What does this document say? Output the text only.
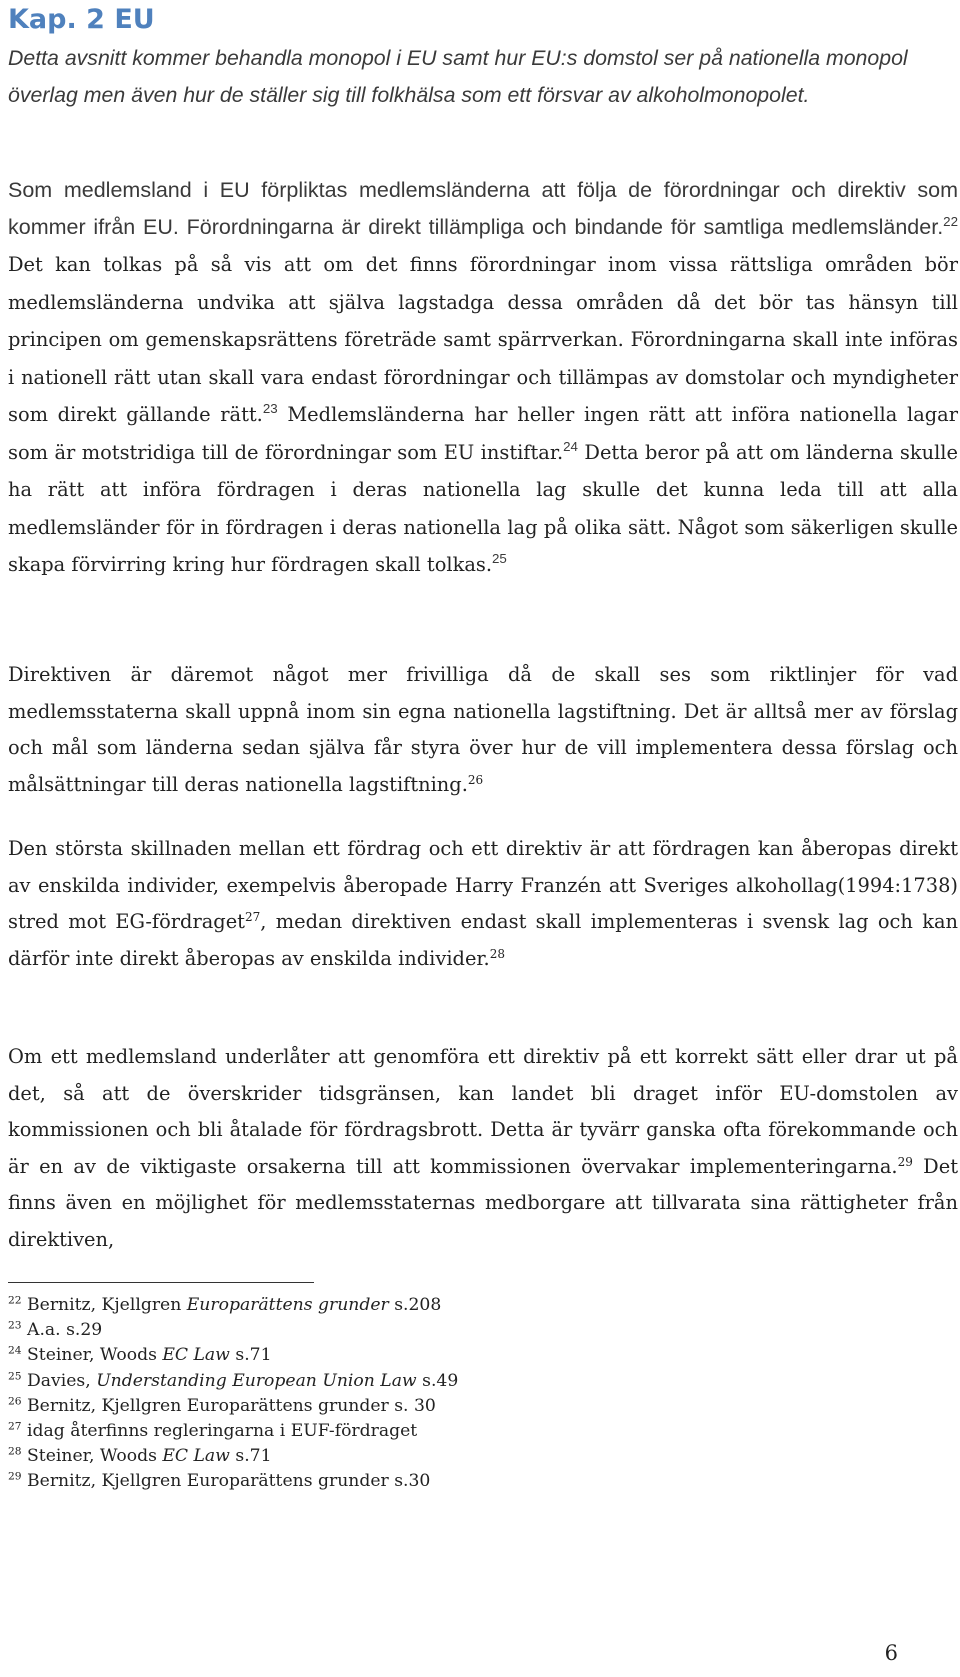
Kap. 2 EU

Detta avsnitt kommer behandla monopol i EU samt hur EU:s domstol ser på nationella monopol överlag men även hur de ställer sig till folkhälsa som ett försvar av alkoholmonopolet.

Som medlemsland i EU förpliktas medlemsländerna att följa de förordningar och direktiv som kommer ifrån EU. Förordningarna är direkt tillämpliga och bindande för samtliga medlemsländer.$^{22}$ Det kan tolkas på så vis att om det finns förordningar inom vissa rättsliga områden bör medlemsländerna undvika att själva lagstadga dessa områden då det bör tas hänsyn till principen om gemenskapsrättens företräde samt spärrverkan. Förordningarna skall inte införas i nationell rätt utan skall vara endast förordningar och tillämpas av domstolar och myndigheter som direkt gällande rätt.$^{23}$ Medlemsländerna har heller ingen rätt att införa nationella lagar som är motstridiga till de förordningar som EU instiftar.$^{24}$ Detta beror på att om länderna skulle ha rätt att införa fördragen i deras nationella lag skulle det kunna leda till att alla medlemsländer för in fördragen i deras nationella lag på olika sätt. Något som säkerligen skulle skapa förvirring kring hur fördragen skall tolkas.$^{25}$

Direktiven är däremot något mer frivilliga då de skall ses som riktlinjer för vad medlemsstaterna skall uppnå inom sin egna nationella lagstiftning. Det är alltså mer av förslag och mål som länderna sedan själva får styra över hur de vill implementera dessa förslag och målsättningar till deras nationella lagstiftning.$^{26}$

Den största skillnaden mellan ett fördrag och ett direktiv är att fördragen kan åberopas direkt av enskilda individer, exempelvis åberopade Harry Franzén att Sveriges alkohollag(1994:1738) stred mot EG-fördraget$^{27}$, medan direktiven endast skall implementeras i svensk lag och kan därför inte direkt åberopas av enskilda individer.$^{28}$

Om ett medlemsland underlåter att genomföra ett direktiv på ett korrekt sätt eller drar ut på det, så att de överskrider tidsgränsen, kan landet bli draget inför EU-domstolen av kommissionen och bli åtalade för fördragsbrott. Detta är tyvärr ganska ofta förekommande och är en av de viktigaste orsakerna till att kommissionen övervakar implementeringarna.$^{29}$ Det finns även en möjlighet för medlemsstaternas medborgare att tillvarata sina rättigheter från direktiven,

$^{22}$ Bernitz, Kjellgren Europarättens grunder s.208
$^{23}$ A.a. s.29
$^{24}$ Steiner, Woods EC Law s.71
$^{25}$ Davies, Understanding European Union Law s.49
$^{26}$ Bernitz, Kjellgren Europarättens grunder s. 30
$^{27}$ idag återfinns regleringarna i EUF-fördraget
$^{28}$ Steiner, Woods EC Law s.71
$^{29}$ Bernitz, Kjellgren Europarättens grunder s.30
6
